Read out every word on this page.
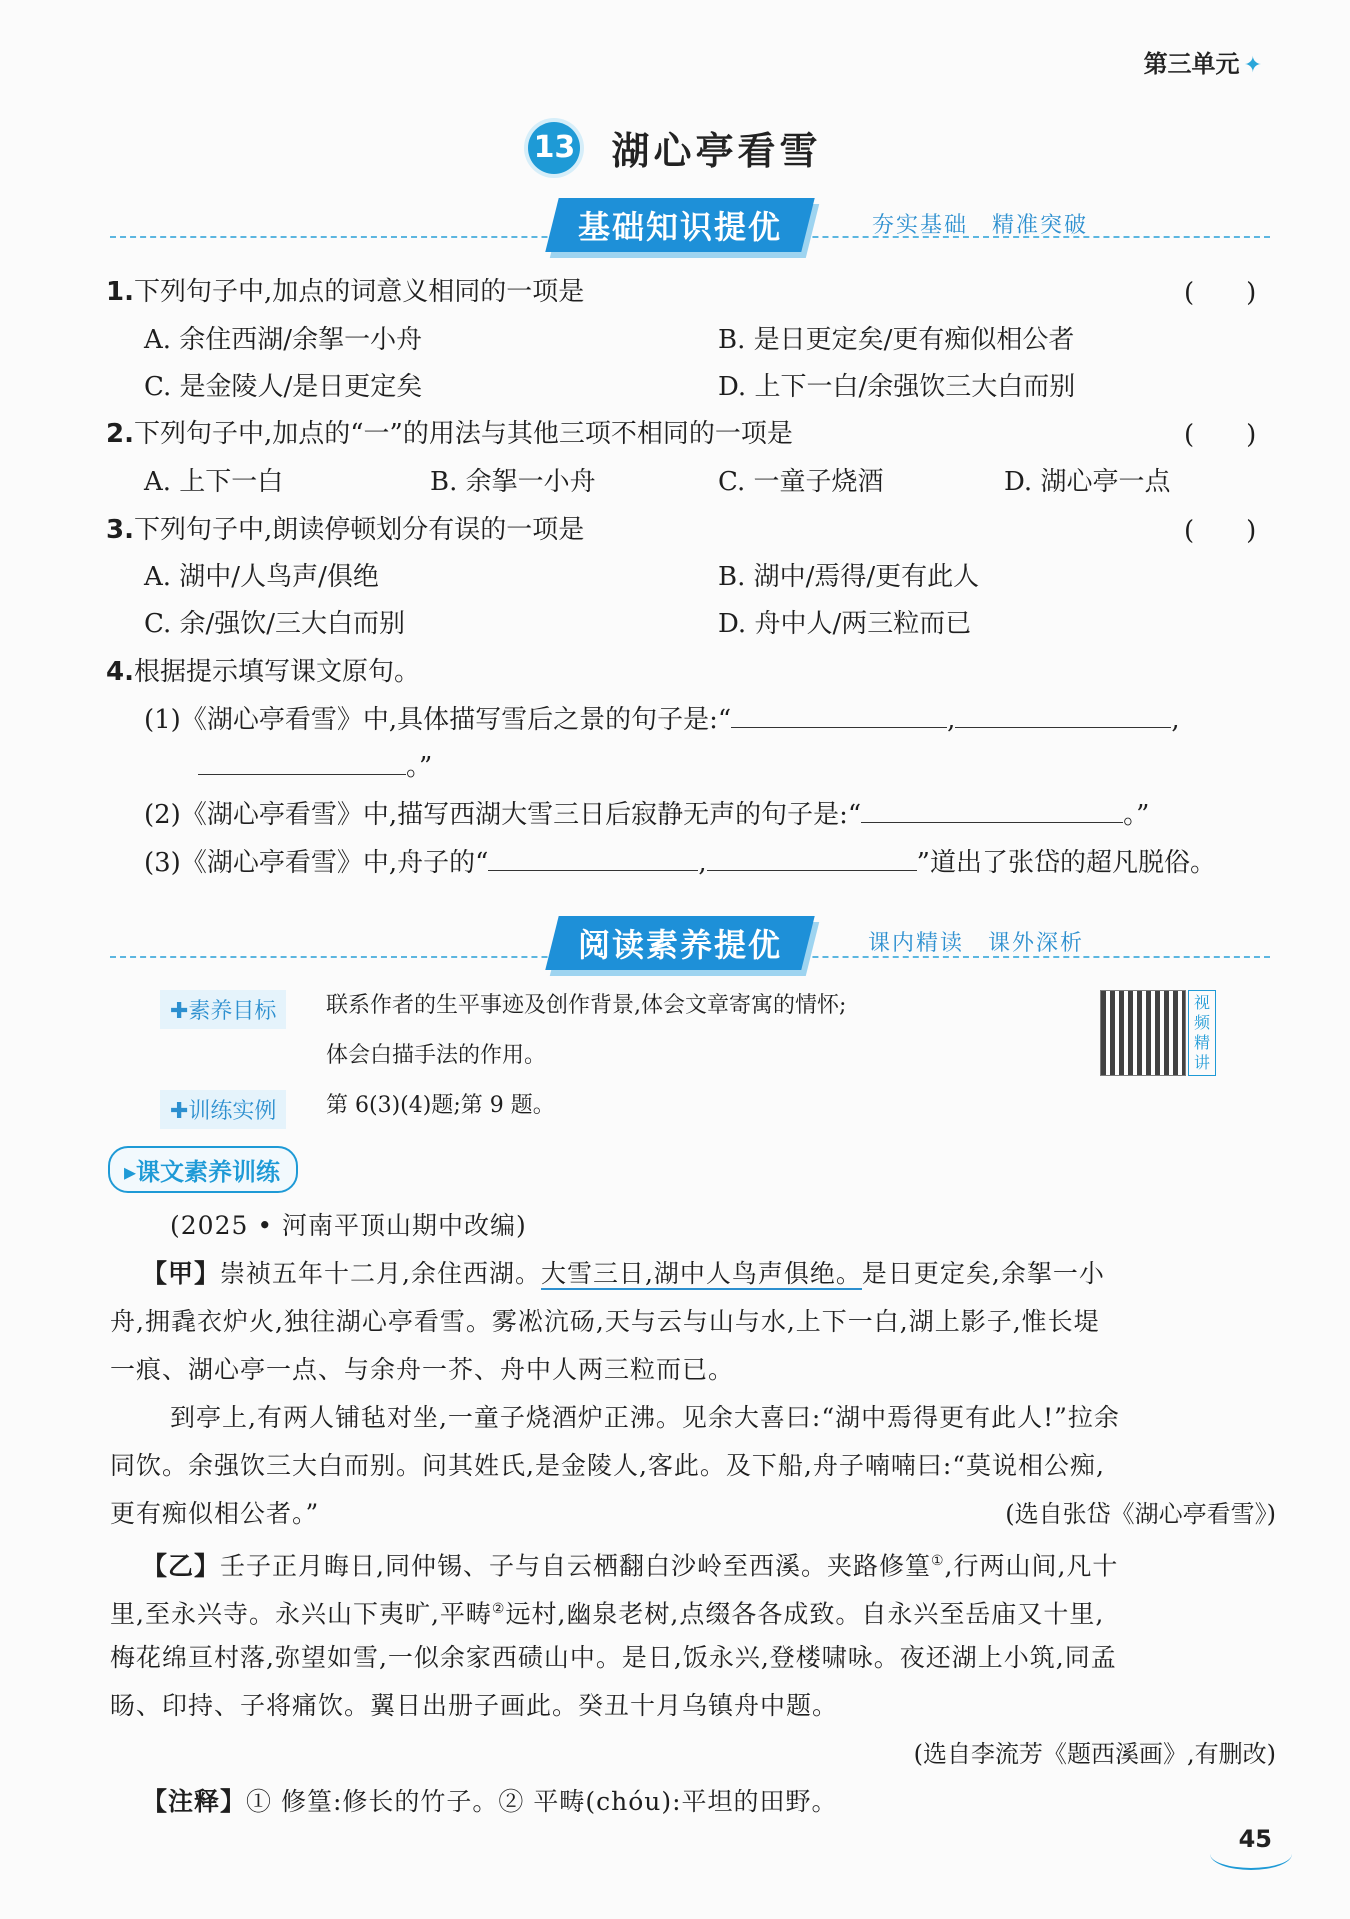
第三单元 ✦
13 湖心亭看雪
基础知识提优	夯实基础　精准突破
1.下列句子中,加点的词意义相同的一项是	(　　)
A. 余住西湖/余挐一小舟	B. 是日更定矣/更有痴似相公者
C. 是金陵人/是日更定矣	D. 上下一白/余强饮三大白而别
2.下列句子中,加点的“一”的用法与其他三项不相同的一项是	(　　)
A. 上下一白	B. 余挐一小舟	C. 一童子烧酒	D. 湖心亭一点
3.下列句子中,朗读停顿划分有误的一项是	(　　)
A. 湖中/人鸟声/俱绝	B. 湖中/焉得/更有此人
C. 余/强饮/三大白而别	D. 舟中人/两三粒而已
4.根据提示填写课文原句。
(1)《湖心亭看雪》中,具体描写雪后之景的句子是:“	,	,
。”
(2)《湖心亭看雪》中,描写西湖大雪三日后寂静无声的句子是:“	。”
(3)《湖心亭看雪》中,舟子的“	,	”道出了张岱的超凡脱俗。
阅读素养提优	课内精读　课外深析
✚素养目标	联系作者的生平事迹及创作背景,体会文章寄寓的情怀;
体会白描手法的作用。
✚训练实例	第 6(3)(4)题;第 9 题。
视频精讲
▸课文素养训练
(2025 • 河南平顶山期中改编)
【甲】崇祯五年十二月,余住西湖。大雪三日,湖中人鸟声俱绝。是日更定矣,余挐一小
舟,拥毳衣炉火,独往湖心亭看雪。雾凇沆砀,天与云与山与水,上下一白,湖上影子,惟长堤
一痕、湖心亭一点、与余舟一芥、舟中人两三粒而已。
到亭上,有两人铺毡对坐,一童子烧酒炉正沸。见余大喜曰:“湖中焉得更有此人!”拉余
同饮。余强饮三大白而别。问其姓氏,是金陵人,客此。及下船,舟子喃喃曰:“莫说相公痴,
更有痴似相公者。”	(选自张岱《湖心亭看雪》)
【乙】壬子正月晦日,同仲锡、子与自云栖翻白沙岭至西溪。夹路修篁①,行两山间,凡十
里,至永兴寺。永兴山下夷旷,平畴②远村,幽泉老树,点缀各各成致。自永兴至岳庙又十里,
梅花绵亘村落,弥望如雪,一似余家西碛山中。是日,饭永兴,登楼啸咏。夜还湖上小筑,同孟
旸、印持、子将痛饮。翼日出册子画此。癸丑十月乌镇舟中题。
(选自李流芳《题西溪画》,有删改)
【注释】① 修篁:修长的竹子。② 平畴(chóu):平坦的田野。
45
